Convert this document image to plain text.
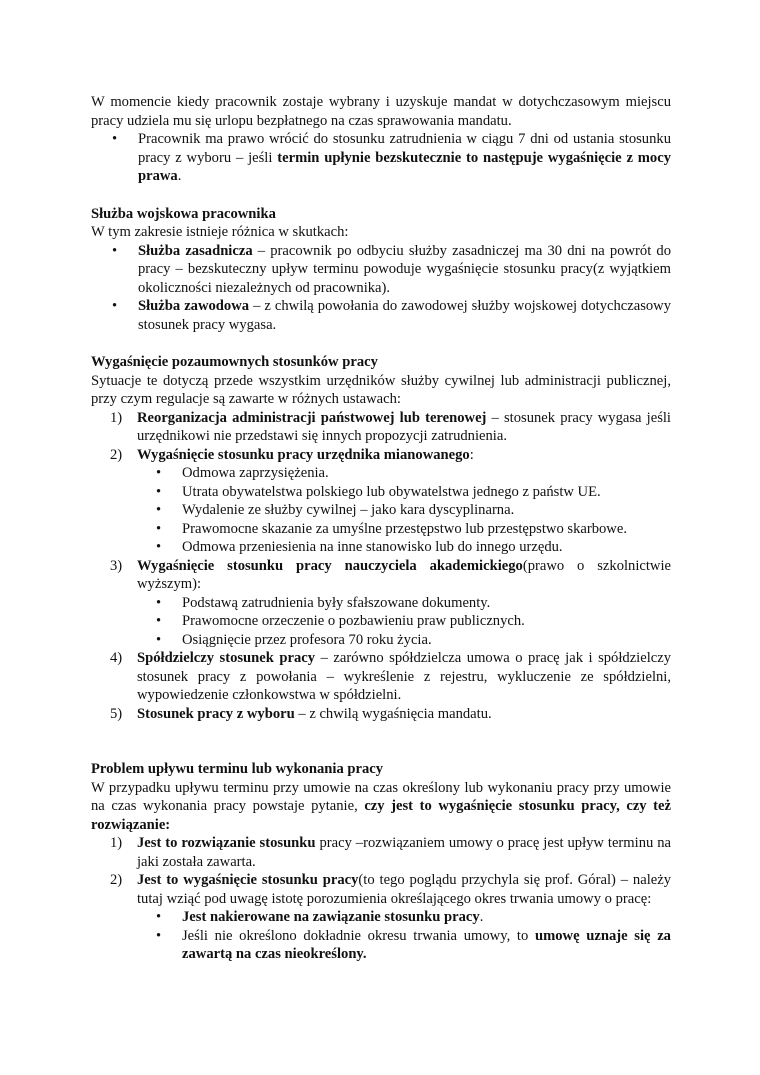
W momencie kiedy pracownik zostaje wybrany i uzyskuje mandat w dotychczasowym miejscu pracy udziela mu się urlopu bezpłatnego na czas sprawowania mandatu.

• Pracownik ma prawo wrócić do stosunku zatrudnienia w ciągu 7 dni od ustania stosunku pracy z wyboru – jeśli termin upłynie bezskutecznie to następuje wygaśnięcie z mocy prawa.

Służba wojskowa pracownika

W tym zakresie istnieje różnica w skutkach:

• Służba zasadnicza – pracownik po odbyciu służby zasadniczej ma 30 dni na powrót do pracy – bezskuteczny upływ terminu powoduje wygaśnięcie stosunku pracy(z wyjątkiem okoliczności niezależnych od pracownika).
• Służba zawodowa – z chwilą powołania do zawodowej służby wojskowej dotychczasowy stosunek pracy wygasa.

Wygaśnięcie pozaumownych stosunków pracy

Sytuacje te dotyczą przede wszystkim urzędników służby cywilnej lub administracji publicznej, przy czym regulacje są zawarte w różnych ustawach:

1) Reorganizacja administracji państwowej lub terenowej – stosunek pracy wygasa jeśli urzędnikowi nie przedstawi się innych propozycji zatrudnienia.
2) Wygaśnięcie stosunku pracy urzędnika mianowanego:
• Odmowa zaprzysiężenia.
• Utrata obywatelstwa polskiego lub obywatelstwa jednego z państw UE.
• Wydalenie ze służby cywilnej – jako kara dyscyplinarna.
• Prawomocne skazanie za umyślne przestępstwo lub przestępstwo skarbowe.
• Odmowa przeniesienia na inne stanowisko lub do innego urzędu.
3) Wygaśnięcie stosunku pracy nauczyciela akademickiego(prawo o szkolnictwie wyższym):
• Podstawą zatrudnienia były sfałszowane dokumenty.
• Prawomocne orzeczenie o pozbawieniu praw publicznych.
• Osiągnięcie przez profesora 70 roku życia.
4) Spółdzielczy stosunek pracy – zarówno spółdzielcza umowa o pracę jak i spółdzielczy stosunek pracy z powołania – wykreślenie z rejestru, wykluczenie ze spółdzielni, wypowiedzenie członkowstwa w spółdzielni.
5) Stosunek pracy z wyboru – z chwilą wygaśnięcia mandatu.

Problem upływu terminu lub wykonania pracy

W przypadku upływu terminu przy umowie na czas określony lub wykonaniu pracy przy umowie na czas wykonania pracy powstaje pytanie, czy jest to wygaśnięcie stosunku pracy, czy też rozwiązanie:

1) Jest to rozwiązanie stosunku pracy –rozwiązaniem umowy o pracę jest upływ terminu na jaki została zawarta.
2) Jest to wygaśnięcie stosunku pracy(to tego poglądu przychyla się prof. Góral) – należy tutaj wziąć pod uwagę istotę porozumienia określającego okres trwania umowy o pracę:
• Jest nakierowane na zawiązanie stosunku pracy.
• Jeśli nie określono dokładnie okresu trwania umowy, to umowę uznaje się za zawartą na czas nieokreślony.
